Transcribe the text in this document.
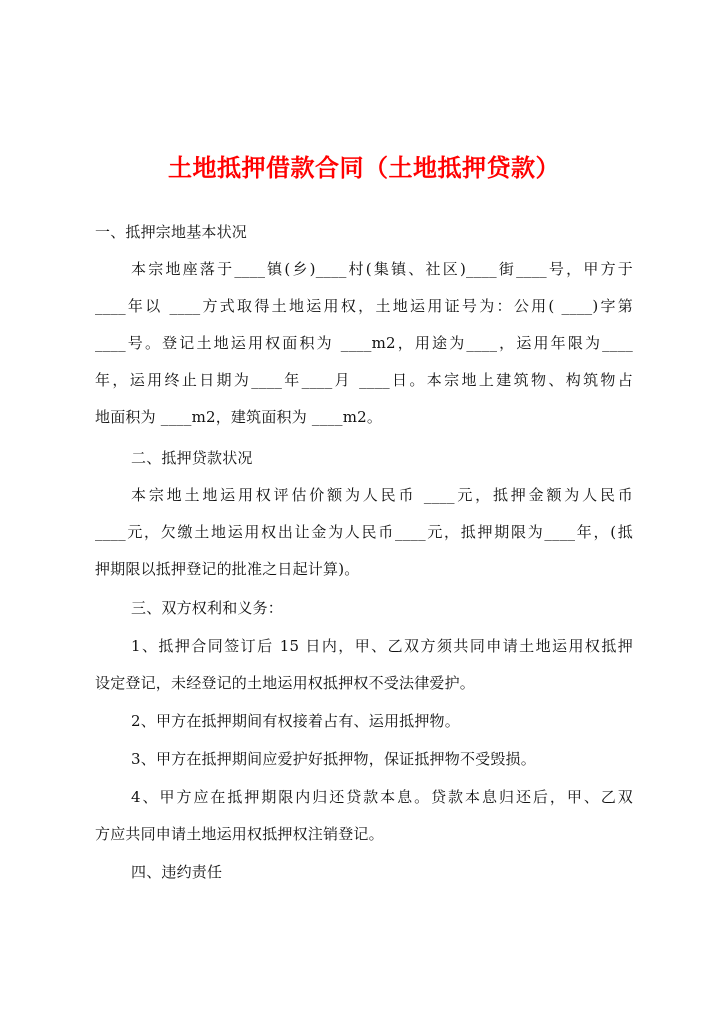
土地抵押借款合同（土地抵押贷款）
一、抵押宗地基本状况
本宗地座落于____镇(乡)____村(集镇、社区)____街____号，甲方于
____年以 ____方式取得土地运用权，土地运用证号为：公用( ____)字第
____号。登记土地运用权面积为 ____m2，用途为____，运用年限为____
年，运用终止日期为____年____月 ____日。本宗地上建筑物、构筑物占
地面积为 ____m2，建筑面积为 ____m2。
二、抵押贷款状况
本宗地土地运用权评估价额为人民币 ____元，抵押金额为人民币
____元，欠缴土地运用权出让金为人民币____元，抵押期限为____年，(抵
押期限以抵押登记的批准之日起计算)。
三、双方权利和义务：
1、抵押合同签订后 15 日内，甲、乙双方须共同申请土地运用权抵押
设定登记，未经登记的土地运用权抵押权不受法律爱护。
2、甲方在抵押期间有权接着占有、运用抵押物。
3、甲方在抵押期间应爱护好抵押物，保证抵押物不受毁损。
4、甲方应在抵押期限内归还贷款本息。贷款本息归还后，甲、乙双
方应共同申请土地运用权抵押权注销登记。
四、违约责任
